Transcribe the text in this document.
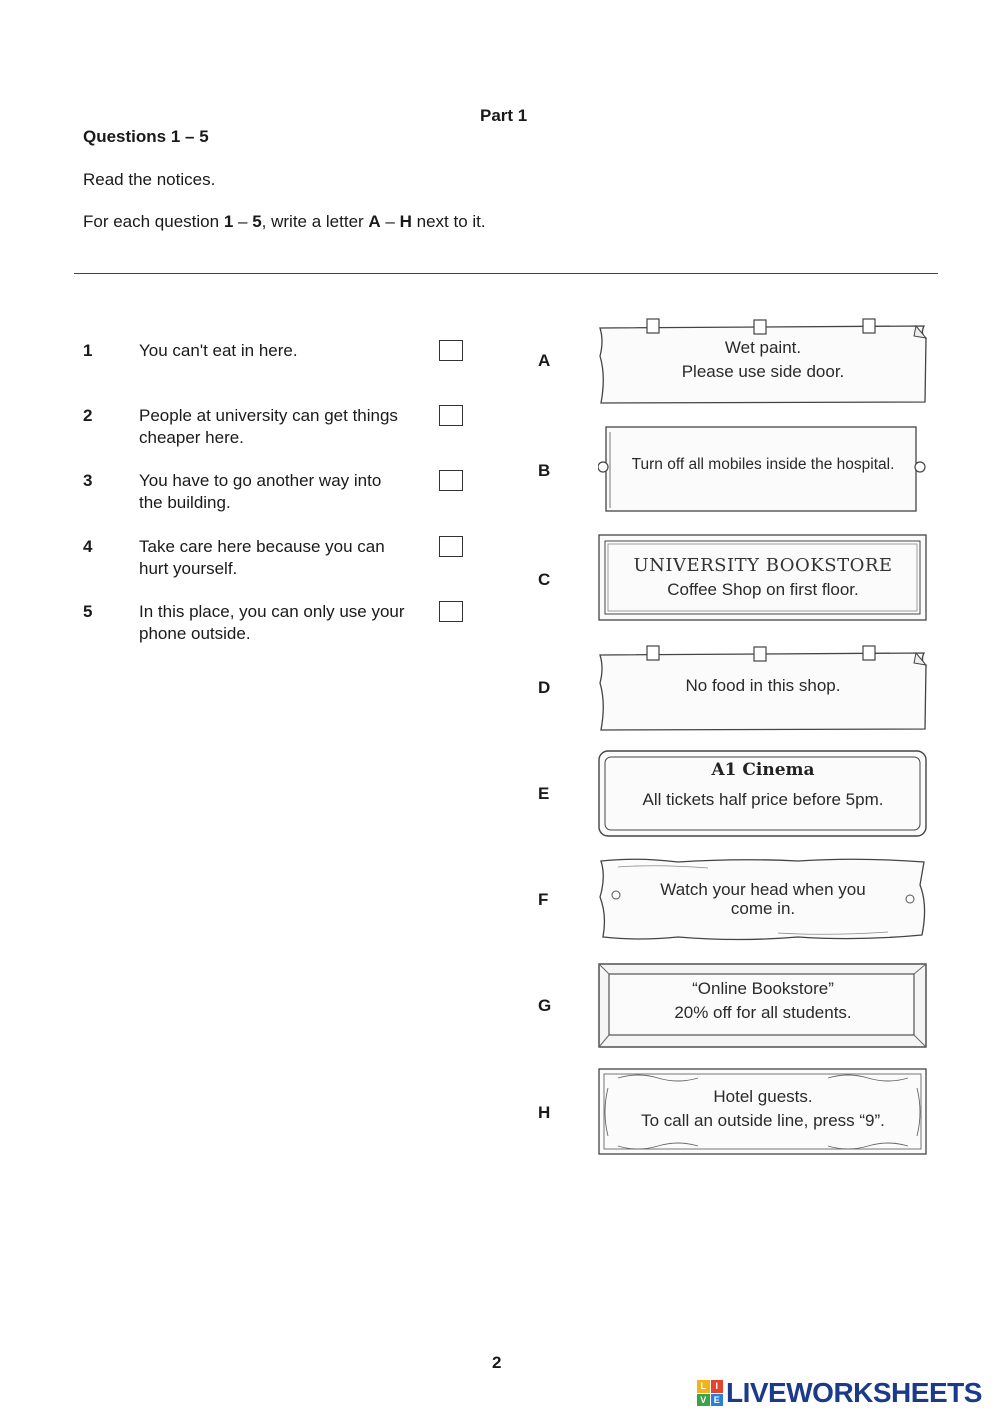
Part 1
Questions 1 – 5
Read the notices.
For each question 1 – 5, write a letter A – H next to it.
1	You can't eat in here.
2	People at university can get things
cheaper here.
3	You have to go another way into
the building.
4	Take care here because you can
hurt yourself.
5	In this place, you can only use your
phone outside.
A
Wet paint.
Please use side door.
B	Turn off all mobiles inside the hospital.
C
UNIVERSITY BOOKSTORE
Coffee Shop on first floor.
D	No food in this shop.
E
A1 Cinema
All tickets half price before 5pm.
F
Watch your head when you
come in.
G
“Online Bookstore”
20% off for all students.
H
Hotel guests.
To call an outside line, press “9”.
2
L	I
V E LIVEWORKSHEETS
